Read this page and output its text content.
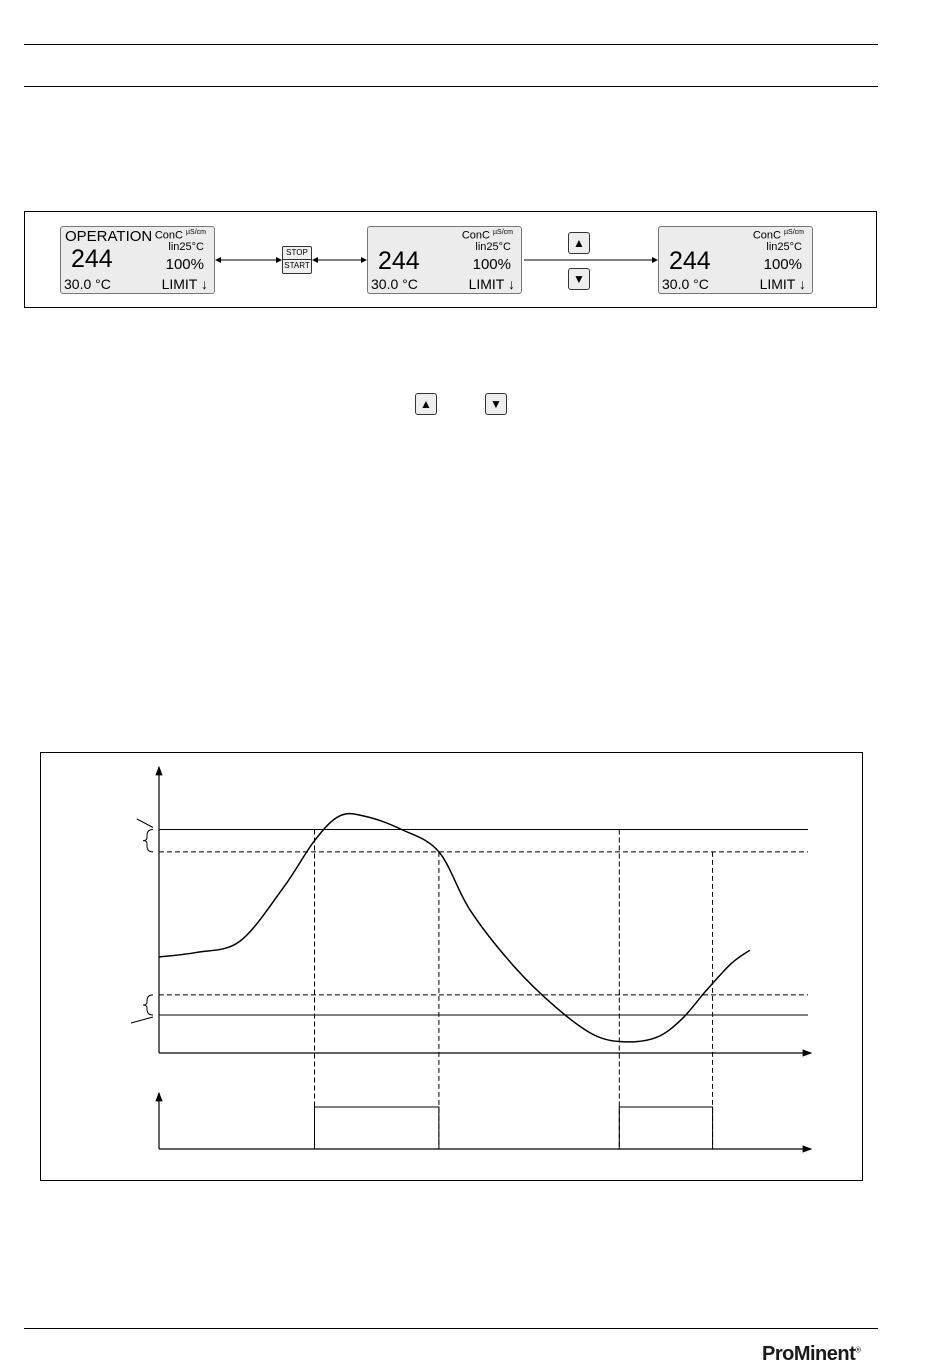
OPERATION
244
ConC $^{\mu S/cm}$
lin25°C
100%
30.0 °C	LIMIT ↓
STOP
START	244
ConC $^{\mu S/cm}$
lin25°C
100%
30.0 °C	LIMIT ↓
▲
▼
244
ConC $^{\mu S/cm}$
lin25°C
100%
30.0 °C	LIMIT ↓
▲	▼
ProMinent®
